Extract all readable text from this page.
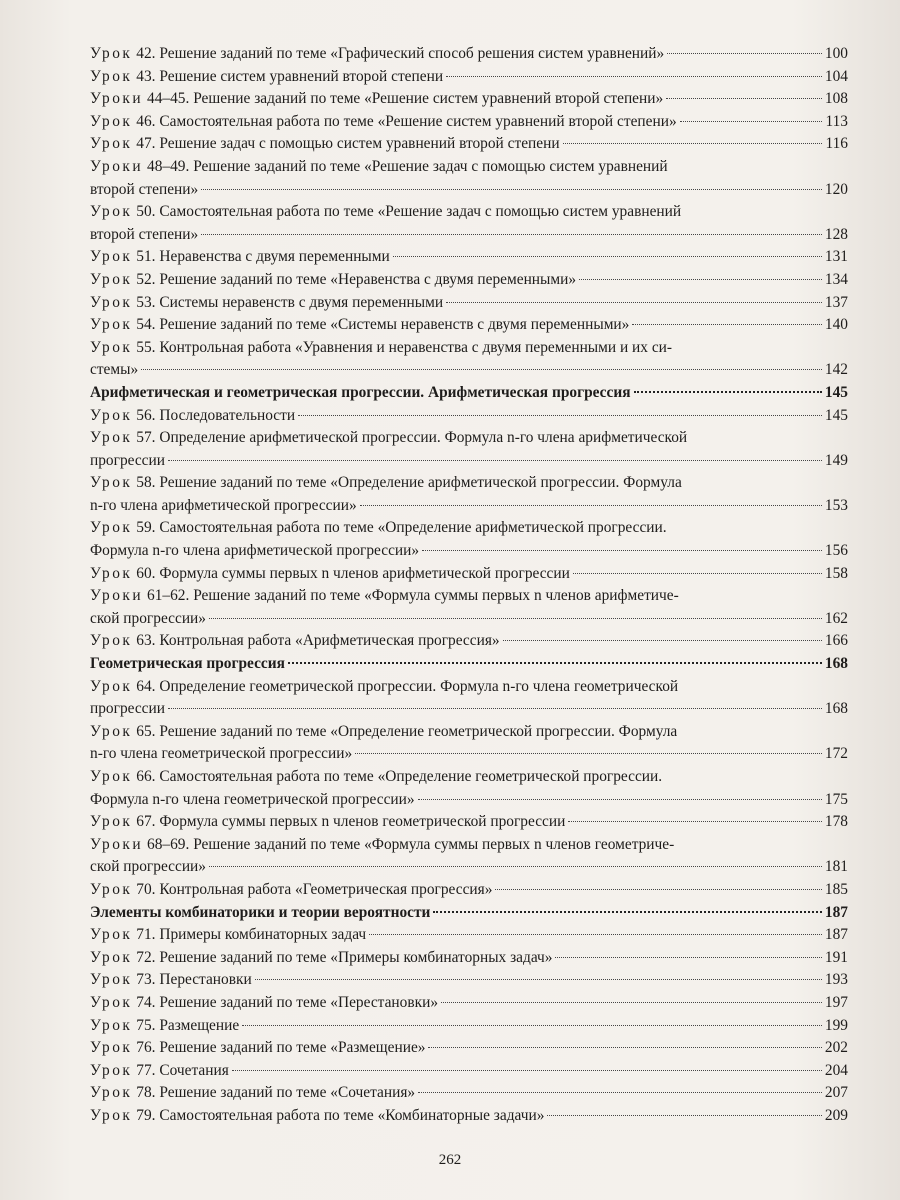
Урок 42. Решение заданий по теме «Графический способ решения систем уравнений»	100
Урок 43. Решение систем уравнений второй степени	104
Уроки 44–45. Решение заданий по теме «Решение систем уравнений второй степени»	108
Урок 46. Самостоятельная работа по теме «Решение систем уравнений второй степени»	113
Урок 47. Решение задач с помощью систем уравнений второй степени	116
Уроки 48–49. Решение заданий по теме «Решение задач с помощью систем уравнений
второй степени»	120
Урок 50. Самостоятельная работа по теме «Решение задач с помощью систем уравнений
второй степени»	128
Урок 51. Неравенства с двумя переменными	131
Урок 52. Решение заданий по теме «Неравенства с двумя переменными»	134
Урок 53. Системы неравенств с двумя переменными	137
Урок 54. Решение заданий по теме «Системы неравенств с двумя переменными»	140
Урок 55. Контрольная работа «Уравнения и неравенства с двумя переменными и их си-
стемы»	142
Арифметическая и геометрическая прогрессии. Арифметическая прогрессия	145
Урок 56. Последовательности	145
Урок 57. Определение арифметической прогрессии. Формула n-го члена арифметической
прогрессии	149
Урок 58. Решение заданий по теме «Определение арифметической прогрессии. Формула
n-го члена арифметической прогрессии»	153
Урок 59. Самостоятельная работа по теме «Определение арифметической прогрессии.
Формула n-го члена арифметической прогрессии»	156
Урок 60. Формула суммы первых n членов арифметической прогрессии	158
Уроки 61–62. Решение заданий по теме «Формула суммы первых n членов арифметиче-
ской прогрессии»	162
Урок 63. Контрольная работа «Арифметическая прогрессия»	166
Геометрическая прогрессия	168
Урок 64. Определение геометрической прогрессии. Формула n-го члена геометрической
прогрессии	168
Урок 65. Решение заданий по теме «Определение геометрической прогрессии. Формула
n-го члена геометрической прогрессии»	172
Урок 66. Самостоятельная работа по теме «Определение геометрической прогрессии.
Формула n-го члена геометрической прогрессии»	175
Урок 67. Формула суммы первых n членов геометрической прогрессии	178
Уроки 68–69. Решение заданий по теме «Формула суммы первых n членов геометриче-
ской прогрессии»	181
Урок 70. Контрольная работа «Геометрическая прогрессия»	185
Элементы комбинаторики и теории вероятности	187
Урок 71. Примеры комбинаторных задач	187
Урок 72. Решение заданий по теме «Примеры комбинаторных задач»	191
Урок 73. Перестановки	193
Урок 74. Решение заданий по теме «Перестановки»	197
Урок 75. Размещение	199
Урок 76. Решение заданий по теме «Размещение»	202
Урок 77. Сочетания	204
Урок 78. Решение заданий по теме «Сочетания»	207
Урок 79. Самостоятельная работа по теме «Комбинаторные задачи»	209
262
